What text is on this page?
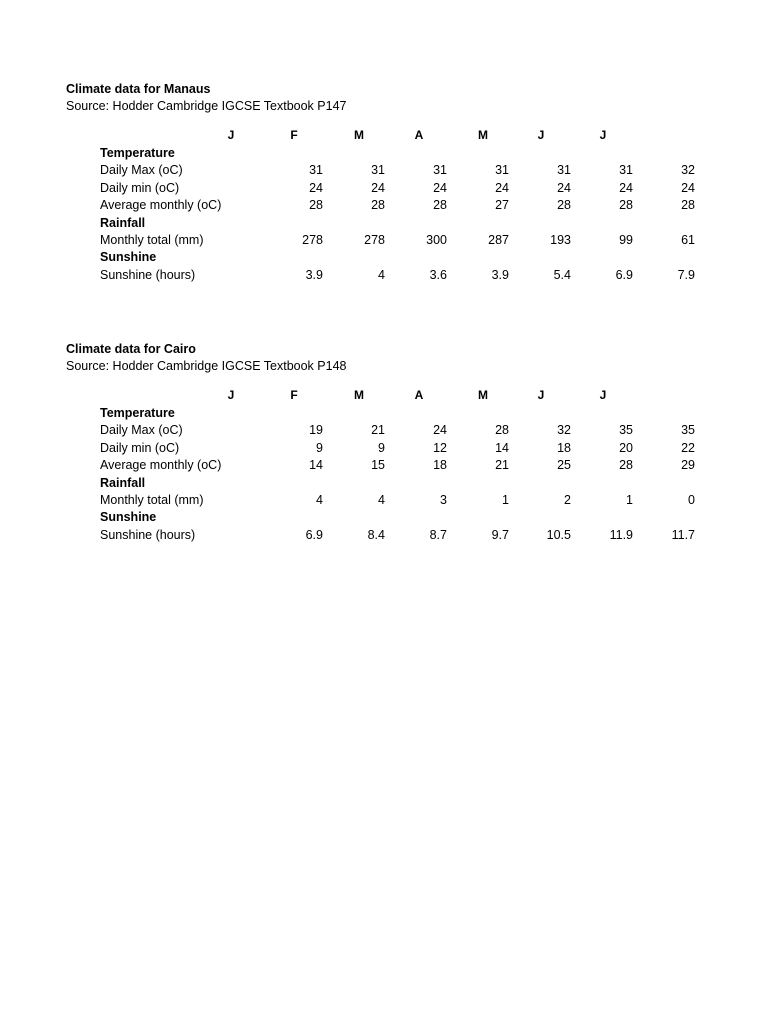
Climate data for Manaus
Source: Hodder Cambridge IGCSE Textbook P147
J	F	M	A	M	J	J
Temperature
Daily Max (oC)	31	31	31	31	31	31	32
Daily min (oC)	24	24	24	24	24	24	24
Average monthly (oC)	28	28	28	27	28	28	28
Rainfall
Monthly total (mm)	278	278	300	287	193	99	61
Sunshine
Sunshine (hours)	3.9	4	3.6	3.9	5.4	6.9	7.9
Climate data for Cairo
Source: Hodder Cambridge IGCSE Textbook P148
J	F	M	A	M	J	J
Temperature
Daily Max (oC)	19	21	24	28	32	35	35
Daily min (oC)	9	9	12	14	18	20	22
Average monthly (oC)	14	15	18	21	25	28	29
Rainfall
Monthly total (mm)	4	4	3	1	2	1	0
Sunshine
Sunshine (hours)	6.9	8.4	8.7	9.7	10.5	11.9	11.7
